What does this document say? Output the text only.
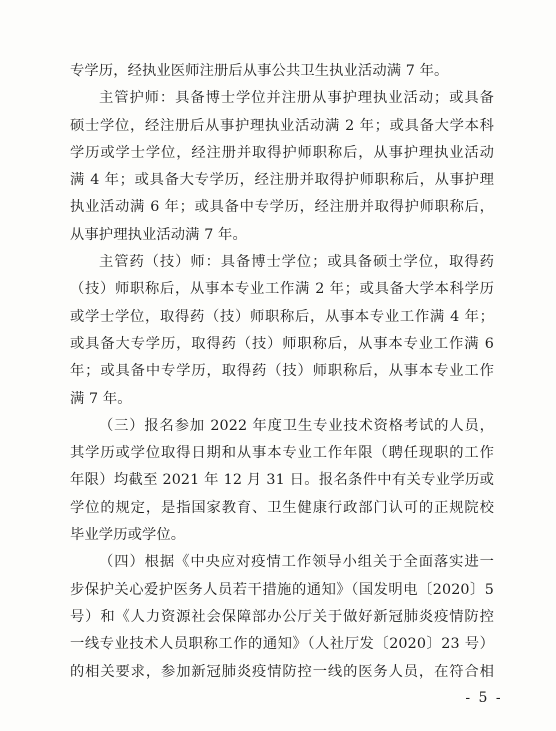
专学历，经执业医师注册后从事公共卫生执业活动满 7 年。
主管护师：具备博士学位并注册从事护理执业活动；或具备
硕士学位，经注册后从事护理执业活动满 2 年；或具备大学本科
学历或学士学位，经注册并取得护师职称后，从事护理执业活动
满 4 年；或具备大专学历，经注册并取得护师职称后，从事护理
执业活动满 6 年；或具备中专学历，经注册并取得护师职称后，
从事护理执业活动满 7 年。
主管药（技）师：具备博士学位；或具备硕士学位，取得药
（技）师职称后，从事本专业工作满 2 年；或具备大学本科学历
或学士学位，取得药（技）师职称后，从事本专业工作满 4 年；
或具备大专学历，取得药（技）师职称后，从事本专业工作满 6
年；或具备中专学历，取得药（技）师职称后，从事本专业工作
满 7 年。
（三）报名参加 2022 年度卫生专业技术资格考试的人员，
其学历或学位取得日期和从事本专业工作年限（聘任现职的工作
年限）均截至 2021 年 12 月 31 日。报名条件中有关专业学历或
学位的规定，是指国家教育、卫生健康行政部门认可的正规院校
毕业学历或学位。
（四）根据《中央应对疫情工作领导小组关于全面落实进一
步保护关心爱护医务人员若干措施的通知》（国发明电〔2020〕5
号）和《人力资源社会保障部办公厅关于做好新冠肺炎疫情防控
一线专业技术人员职称工作的通知》（人社厅发〔2020〕23 号）
的相关要求，参加新冠肺炎疫情防控一线的医务人员，在符合相
- 5 -
